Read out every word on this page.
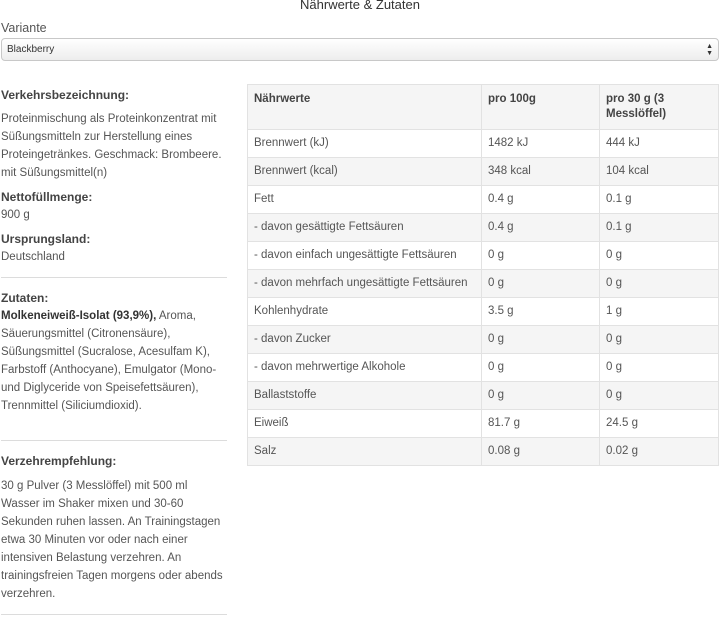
Nährwerte & Zutaten
Variante
Blackberry	▲
▼
Verkehrsbezeichnung:

Proteinmischung als Proteinkonzentrat mit Süßungsmitteln zur Herstellung eines Proteingetränkes. Geschmack: Brombeere. mit Süßungsmittel(n)

Nettofüllmenge:

900 g

Ursprungsland:

Deutschland

Zutaten:

Molkeneiweiß-Isolat (93,9%), Aroma, Säuerungsmittel (Citronensäure), Süßungsmittel (Sucralose, Acesulfam K), Farbstoff (Anthocyane), Emulgator (Mono- und Diglyceride von Speisefettsäuren), Trennmittel (Siliciumdioxid).

Verzehrempfehlung:

30 g Pulver (3 Messlöffel) mit 500 ml Wasser im Shaker mixen und 30-60 Sekunden ruhen lassen. An Trainingstagen etwa 30 Minuten vor oder nach einer intensiven Belastung verzehren. An trainingsfreien Tagen morgens oder abends verzehren.

Nährwerte	pro 100g	pro 30 g (3 Messlöffel)
Brennwert (kJ)	1482 kJ	444 kJ
Brennwert (kcal)	348 kcal	104 kcal
Fett	0.4 g	0.1 g
- davon gesättigte Fettsäuren	0.4 g	0.1 g
- davon einfach ungesättigte Fettsäuren	0 g	0 g
- davon mehrfach ungesättigte Fettsäuren	0 g	0 g
Kohlenhydrate	3.5 g	1 g
- davon Zucker	0 g	0 g
- davon mehrwertige Alkohole	0 g	0 g
Ballaststoffe	0 g	0 g
Eiweiß	81.7 g	24.5 g
Salz	0.08 g	0.02 g
